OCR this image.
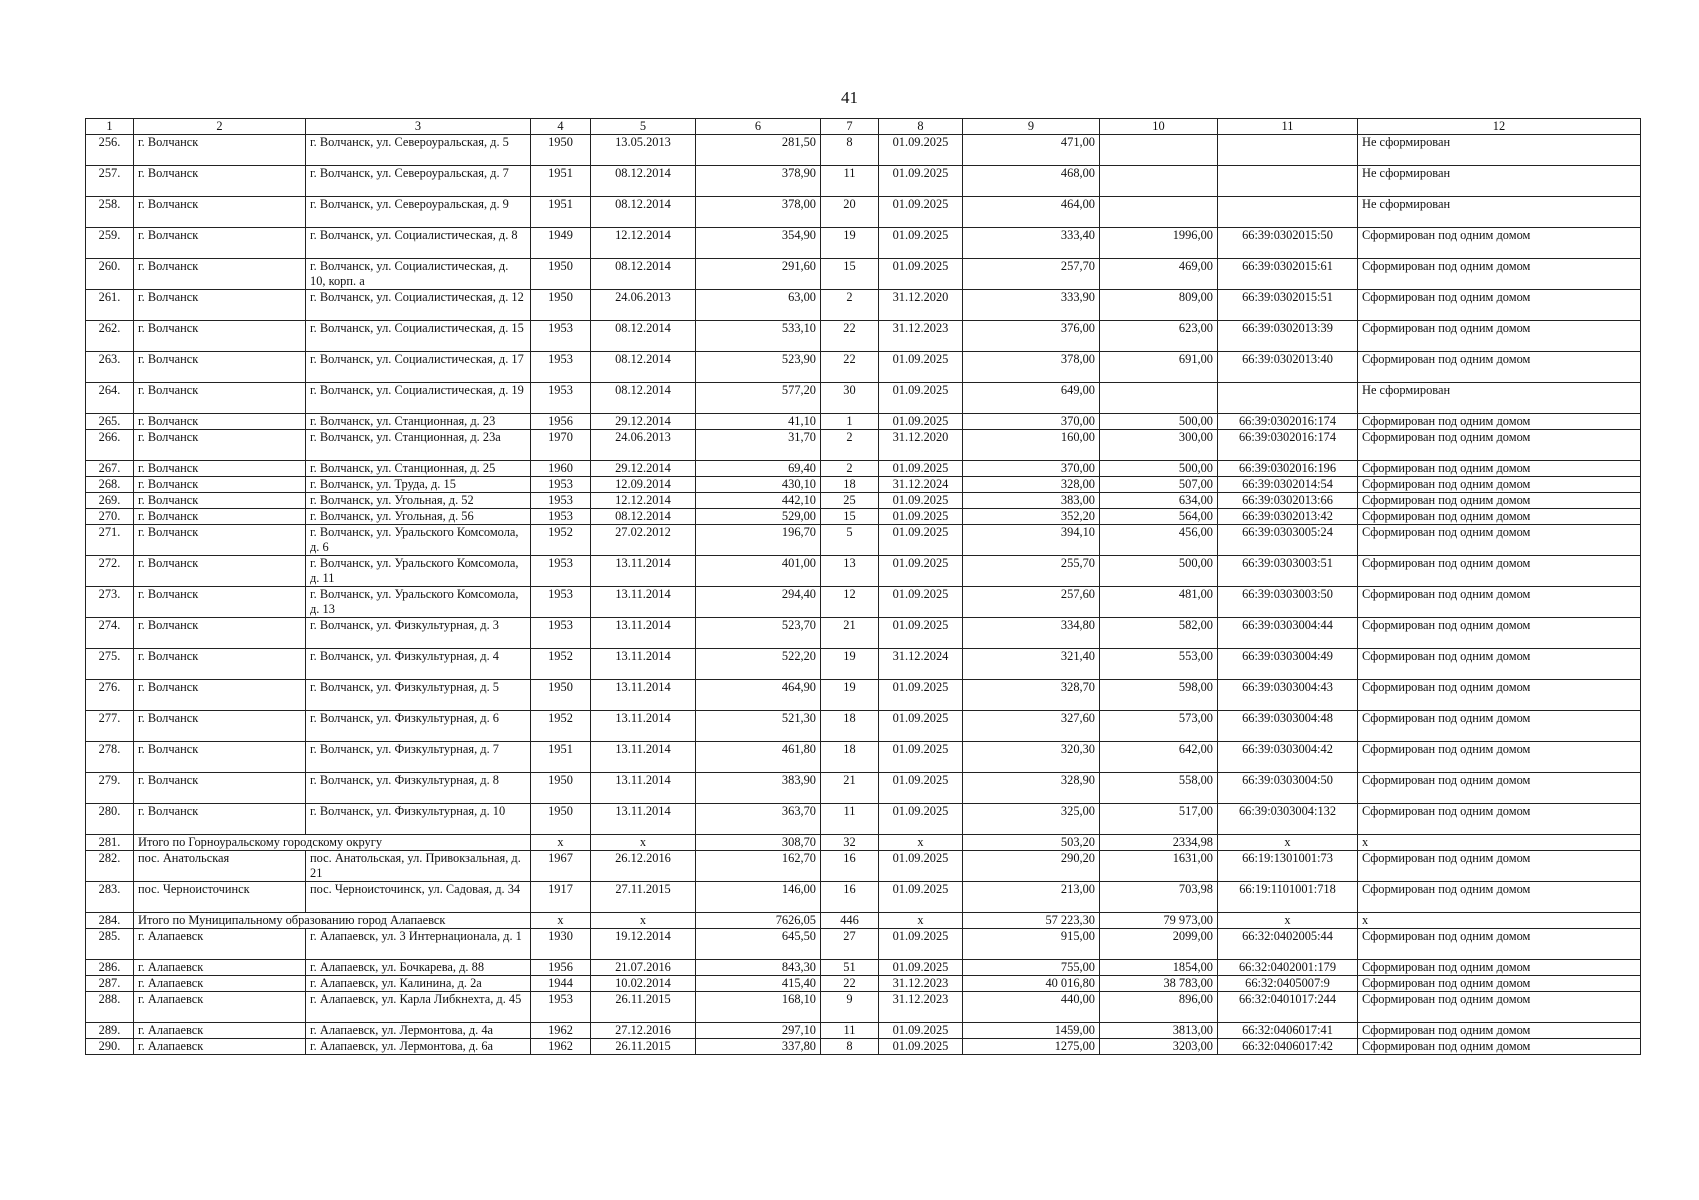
41
1	2	3	4	5	6	7	8	9	10	11	12
256.	г. Волчанск	г. Волчанск, ул. Североуральская, д. 5	1950	13.05.2013	281,50	8	01.09.2025	471,00			Не сформирован
257.	г. Волчанск	г. Волчанск, ул. Североуральская, д. 7	1951	08.12.2014	378,90	11	01.09.2025	468,00			Не сформирован
258.	г. Волчанск	г. Волчанск, ул. Североуральская, д. 9	1951	08.12.2014	378,00	20	01.09.2025	464,00			Не сформирован
259.	г. Волчанск	г. Волчанск, ул. Социалистическая, д. 8	1949	12.12.2014	354,90	19	01.09.2025	333,40	1996,00	66:39:0302015:50	Сформирован под одним домом
260.	г. Волчанск	г. Волчанск, ул. Социалистическая, д. 10, корп. а	1950	08.12.2014	291,60	15	01.09.2025	257,70	469,00	66:39:0302015:61	Сформирован под одним домом
261.	г. Волчанск	г. Волчанск, ул. Социалистическая, д. 12	1950	24.06.2013	63,00	2	31.12.2020	333,90	809,00	66:39:0302015:51	Сформирован под одним домом
262.	г. Волчанск	г. Волчанск, ул. Социалистическая, д. 15	1953	08.12.2014	533,10	22	31.12.2023	376,00	623,00	66:39:0302013:39	Сформирован под одним домом
263.	г. Волчанск	г. Волчанск, ул. Социалистическая, д. 17	1953	08.12.2014	523,90	22	01.09.2025	378,00	691,00	66:39:0302013:40	Сформирован под одним домом
264.	г. Волчанск	г. Волчанск, ул. Социалистическая, д. 19	1953	08.12.2014	577,20	30	01.09.2025	649,00			Не сформирован
265.	г. Волчанск	г. Волчанск, ул. Станционная, д. 23	1956	29.12.2014	41,10	1	01.09.2025	370,00	500,00	66:39:0302016:174	Сформирован под одним домом
266.	г. Волчанск	г. Волчанск, ул. Станционная, д. 23а	1970	24.06.2013	31,70	2	31.12.2020	160,00	300,00	66:39:0302016:174	Сформирован под одним домом
267.	г. Волчанск	г. Волчанск, ул. Станционная, д. 25	1960	29.12.2014	69,40	2	01.09.2025	370,00	500,00	66:39:0302016:196	Сформирован под одним домом
268.	г. Волчанск	г. Волчанск, ул. Труда, д. 15	1953	12.09.2014	430,10	18	31.12.2024	328,00	507,00	66:39:0302014:54	Сформирован под одним домом
269.	г. Волчанск	г. Волчанск, ул. Угольная, д. 52	1953	12.12.2014	442,10	25	01.09.2025	383,00	634,00	66:39:0302013:66	Сформирован под одним домом
270.	г. Волчанск	г. Волчанск, ул. Угольная, д. 56	1953	08.12.2014	529,00	15	01.09.2025	352,20	564,00	66:39:0302013:42	Сформирован под одним домом
271.	г. Волчанск	г. Волчанск, ул. Уральского Комсомола, д. 6	1952	27.02.2012	196,70	5	01.09.2025	394,10	456,00	66:39:0303005:24	Сформирован под одним домом
272.	г. Волчанск	г. Волчанск, ул. Уральского Комсомола, д. 11	1953	13.11.2014	401,00	13	01.09.2025	255,70	500,00	66:39:0303003:51	Сформирован под одним домом
273.	г. Волчанск	г. Волчанск, ул. Уральского Комсомола, д. 13	1953	13.11.2014	294,40	12	01.09.2025	257,60	481,00	66:39:0303003:50	Сформирован под одним домом
274.	г. Волчанск	г. Волчанск, ул. Физкультурная, д. 3	1953	13.11.2014	523,70	21	01.09.2025	334,80	582,00	66:39:0303004:44	Сформирован под одним домом
275.	г. Волчанск	г. Волчанск, ул. Физкультурная, д. 4	1952	13.11.2014	522,20	19	31.12.2024	321,40	553,00	66:39:0303004:49	Сформирован под одним домом
276.	г. Волчанск	г. Волчанск, ул. Физкультурная, д. 5	1950	13.11.2014	464,90	19	01.09.2025	328,70	598,00	66:39:0303004:43	Сформирован под одним домом
277.	г. Волчанск	г. Волчанск, ул. Физкультурная, д. 6	1952	13.11.2014	521,30	18	01.09.2025	327,60	573,00	66:39:0303004:48	Сформирован под одним домом
278.	г. Волчанск	г. Волчанск, ул. Физкультурная, д. 7	1951	13.11.2014	461,80	18	01.09.2025	320,30	642,00	66:39:0303004:42	Сформирован под одним домом
279.	г. Волчанск	г. Волчанск, ул. Физкультурная, д. 8	1950	13.11.2014	383,90	21	01.09.2025	328,90	558,00	66:39:0303004:50	Сформирован под одним домом
280.	г. Волчанск	г. Волчанск, ул. Физкультурная, д. 10	1950	13.11.2014	363,70	11	01.09.2025	325,00	517,00	66:39:0303004:132	Сформирован под одним домом
281.	Итого по Горноуральскому городскому округу		х	х	308,70	32	х	503,20	2334,98	х	х
282.	пос. Анатольская	пос. Анатольская, ул. Привокзальная, д. 21	1967	26.12.2016	162,70	16	01.09.2025	290,20	1631,00	66:19:1301001:73	Сформирован под одним домом
283.	пос. Черноисточинск	пос. Черноисточинск, ул. Садовая, д. 34	1917	27.11.2015	146,00	16	01.09.2025	213,00	703,98	66:19:1101001:718	Сформирован под одним домом
284.	Итого по Муниципальному образованию город Алапаевск		х	х	7626,05	446	х	57 223,30	79 973,00	х	х
285.	г. Алапаевск	г. Алапаевск, ул. 3 Интернационала, д. 1	1930	19.12.2014	645,50	27	01.09.2025	915,00	2099,00	66:32:0402005:44	Сформирован под одним домом
286.	г. Алапаевск	г. Алапаевск, ул. Бочкарева, д. 88	1956	21.07.2016	843,30	51	01.09.2025	755,00	1854,00	66:32:0402001:179	Сформирован под одним домом
287.	г. Алапаевск	г. Алапаевск, ул. Калинина, д. 2а	1944	10.02.2014	415,40	22	31.12.2023	40 016,80	38 783,00	66:32:0405007:9	Сформирован под одним домом
288.	г. Алапаевск	г. Алапаевск, ул. Карла Либкнехта, д. 45	1953	26.11.2015	168,10	9	31.12.2023	440,00	896,00	66:32:0401017:244	Сформирован под одним домом
289.	г. Алапаевск	г. Алапаевск, ул. Лермонтова, д. 4а	1962	27.12.2016	297,10	11	01.09.2025	1459,00	3813,00	66:32:0406017:41	Сформирован под одним домом
290.	г. Алапаевск	г. Алапаевск, ул. Лермонтова, д. 6а	1962	26.11.2015	337,80	8	01.09.2025	1275,00	3203,00	66:32:0406017:42	Сформирован под одним домом
